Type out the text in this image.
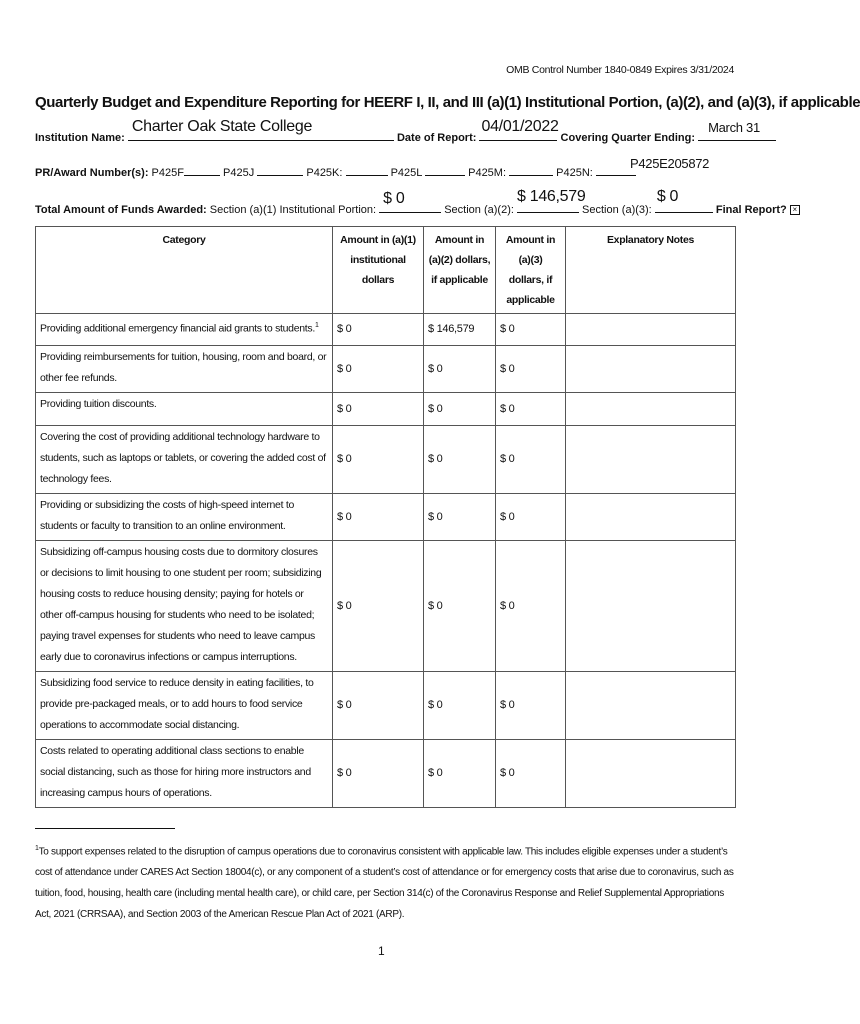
OMB Control Number 1840-0849 Expires 3/31/2024
Quarterly Budget and Expenditure Reporting for HEERF I, II, and III (a)(1) Institutional Portion, (a)(2), and (a)(3), if applicable
Institution Name:
Charter Oak State College
Date of Report:
04/01/2022
Covering Quarter Ending:
March 31
PR/Award Number(s): P425F	P425J	P425K:	P425L	P425M:	P425N:
P425E205872
Total Amount of Funds Awarded: Section (a)(1) Institutional Portion:
$ 0
Section (a)(2):
$ 146,579
Section (a)(3):
$ 0
Final Report? ×
Category	Amount in (a)(1) institutional dollars	Amount in (a)(2) dollars, if applicable	Amount in (a)(3) dollars, if applicable	Explanatory Notes
Providing additional emergency financial aid grants to students.$^1$	$ 0	$ 146,579	$ 0	
Providing reimbursements for tuition, housing, room and board, or other fee refunds.	$ 0	$ 0	$ 0	
Providing tuition discounts.	$ 0	$ 0	$ 0	
Covering the cost of providing additional technology hardware to students, such as laptops or tablets, or covering the added cost of technology fees.	$ 0	$ 0	$ 0	
Providing or subsidizing the costs of high-speed internet to students or faculty to transition to an online environment.	$ 0	$ 0	$ 0	
Subsidizing off-campus housing costs due to dormitory closures or decisions to limit housing to one student per room; subsidizing housing costs to reduce housing density; paying for hotels or other off-campus housing for students who need to be isolated; paying travel expenses for students who need to leave campus early due to coronavirus infections or campus interruptions.	$ 0	$ 0	$ 0	
Subsidizing food service to reduce density in eating facilities, to provide pre-packaged meals, or to add hours to food service operations to accommodate social distancing.	$ 0	$ 0	$ 0	
Costs related to operating additional class sections to enable social distancing, such as those for hiring more instructors and increasing campus hours of operations.	$ 0	$ 0	$ 0	
$^1$To support expenses related to the disruption of campus operations due to coronavirus consistent with applicable law. This includes eligible expenses under a student’s cost of attendance under CARES Act Section 18004(c), or any component of a student’s cost of attendance or for emergency costs that arise due to coronavirus, such as tuition, food, housing, health care (including mental health care), or child care, per Section 314(c) of the Coronavirus Response and Relief Supplemental Appropriations Act, 2021 (CRRSAA), and Section 2003 of the American Rescue Plan Act of 2021 (ARP).
1
